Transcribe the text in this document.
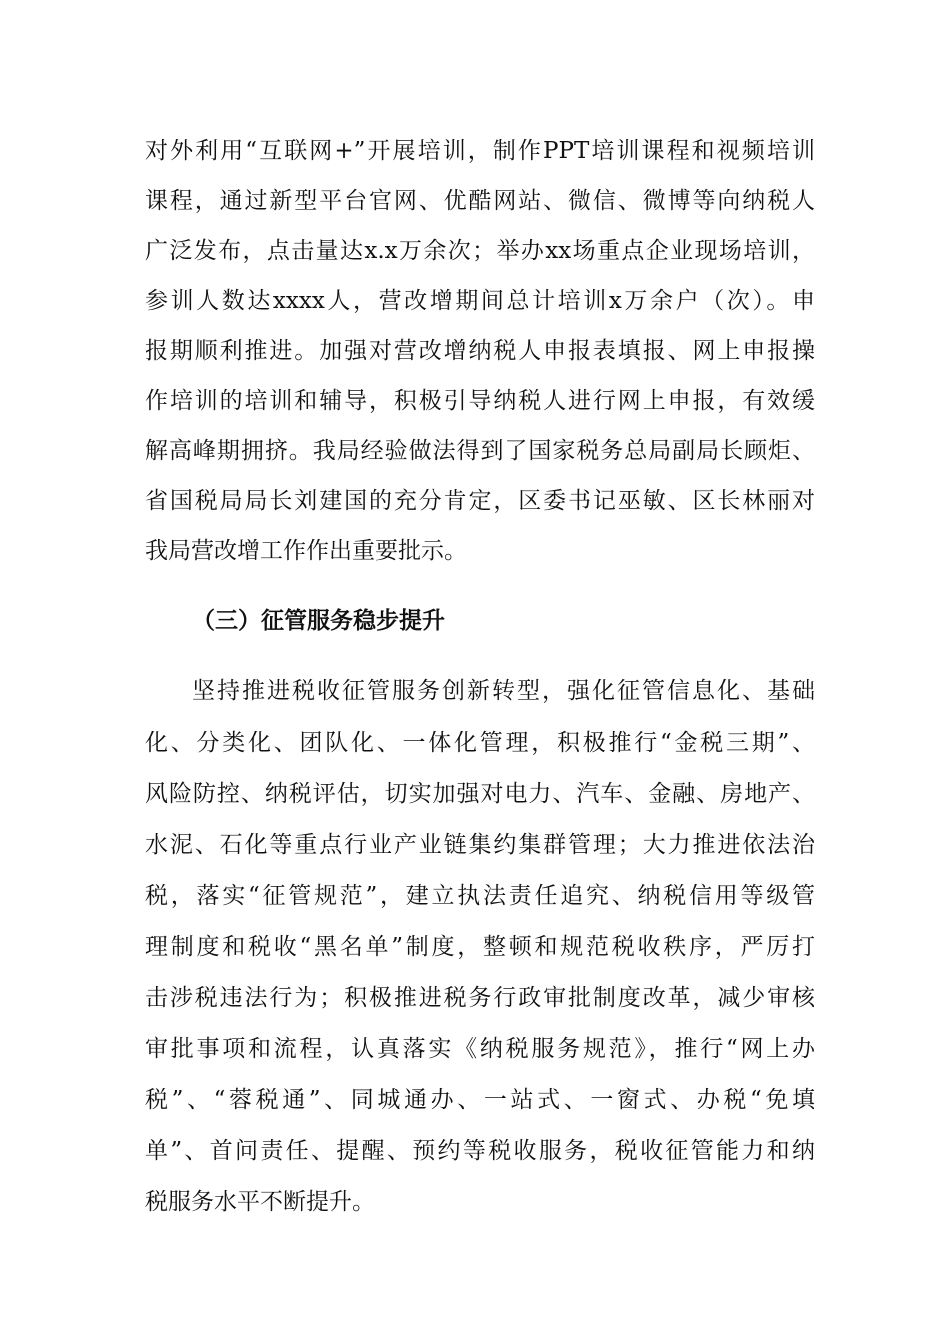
对外利用“互联网+”开展培训，制作PPT培训课程和视频培训
课程，通过新型平台官网、优酷网站、微信、微博等向纳税人
广泛发布，点击量达x.x万余次；举办xx场重点企业现场培训，
参训人数达xxxx人，营改增期间总计培训x万余户（次）。申
报期顺利推进。加强对营改增纳税人申报表填报、网上申报操
作培训的培训和辅导，积极引导纳税人进行网上申报，有效缓
解高峰期拥挤。我局经验做法得到了国家税务总局副局长顾炬、
省国税局局长刘建国的充分肯定，区委书记巫敏、区长林丽对
我局营改增工作作出重要批示。
（三）征管服务稳步提升
坚持推进税收征管服务创新转型，强化征管信息化、基础
化、分类化、团队化、一体化管理，积极推行“金税三期”、
风险防控、纳税评估，切实加强对电力、汽车、金融、房地产、
水泥、石化等重点行业产业链集约集群管理；大力推进依法治
税，落实“征管规范”，建立执法责任追究、纳税信用等级管
理制度和税收“黑名单”制度，整顿和规范税收秩序，严厉打
击涉税违法行为；积极推进税务行政审批制度改革，减少审核
审批事项和流程，认真落实《纳税服务规范》，推行“网上办
税”、“蓉税通”、同城通办、一站式、一窗式、办税“免填
单”、首问责任、提醒、预约等税收服务，税收征管能力和纳
税服务水平不断提升。
